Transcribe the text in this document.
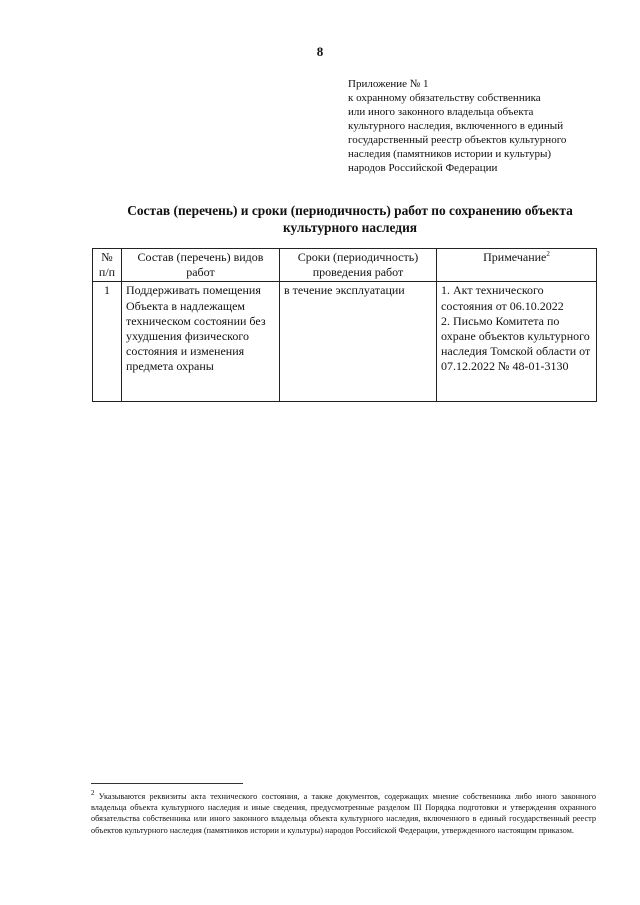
8
Приложение № 1
к охранному обязательству собственника
или иного законного владельца объекта
культурного наследия, включенного в единый
государственный реестр объектов культурного
наследия (памятников истории и культуры)
народов Российской Федерации
Состав (перечень) и сроки (периодичность) работ по сохранению объекта
культурного наследия
№ п/п	Состав (перечень) видов работ	Сроки (периодичность) проведения работ	Примечание$^2$
1	Поддерживать помещения Объекта в надлежащем техническом состоянии без ухудшения физического состояния и изменения предмета охраны	в течение эксплуатации	1. Акт технического состояния от 06.10.2022
2. Письмо Комитета по охране объектов культурного наследия Томской области от 07.12.2022 № 48-01-3130
$^2$ Указываются реквизиты акта технического состояния, а также документов, содержащих мнение собственника либо иного законного владельца объекта культурного наследия и иные сведения, предусмотренные разделом III Порядка подготовки и утверждения охранного обязательства собственника или иного законного владельца объекта культурного наследия, включенного в единый государственный реестр объектов культурного наследия (памятников истории и культуры) народов Российской Федерации, утвержденного настоящим приказом.
